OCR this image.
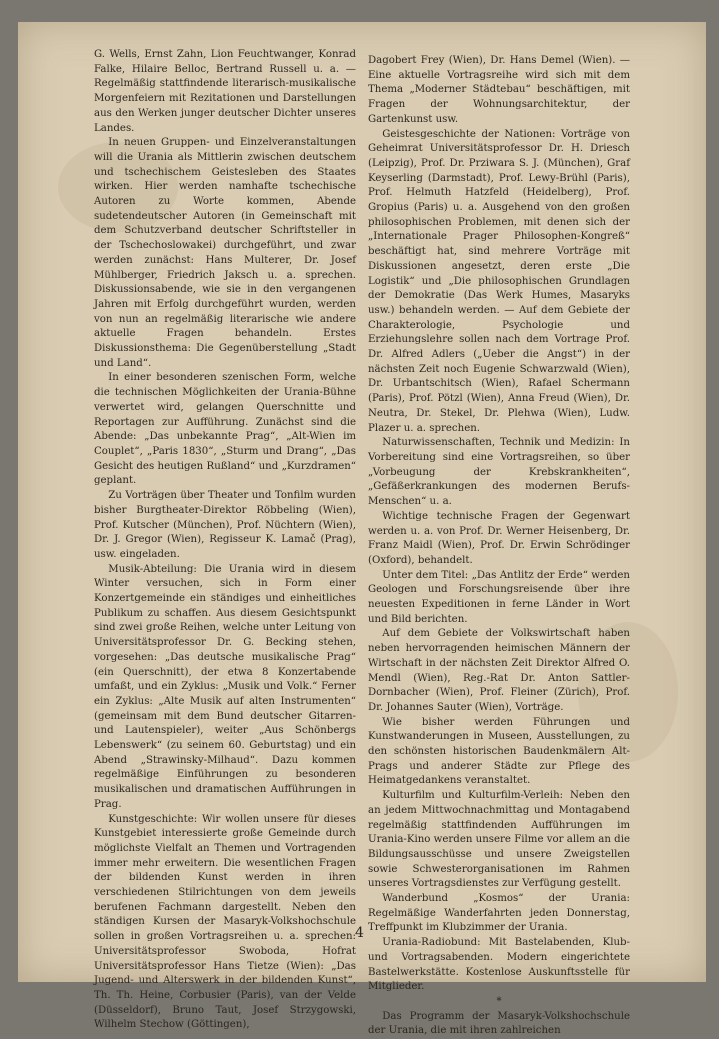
G. Wells, Ernst Zahn, Lion Feuchtwanger, Konrad Falke, Hilaire Belloc, Bertrand Russell u. a. — Regelmäßig stattfindende literarisch-musikalische Morgenfeiern mit Rezitationen und Darstellungen aus den Werken junger deutscher Dichter unseres Landes.

In neuen Gruppen- und Einzelveranstaltungen will die Urania als Mittlerin zwischen deutschem und tschechischem Geistesleben des Staates wirken. Hier werden namhafte tschechische Autoren zu Worte kommen, Abende sudetendeutscher Autoren (in Gemeinschaft mit dem Schutzverband deutscher Schriftsteller in der Tschechoslowakei) durchgeführt, und zwar werden zunächst: Hans Multerer, Dr. Josef Mühlberger, Friedrich Jaksch u. a. sprechen. Diskussionsabende, wie sie in den vergangenen Jahren mit Erfolg durchgeführt wurden, werden von nun an regelmäßig literarische wie andere aktuelle Fragen behandeln. Erstes Diskussionsthema: Die Gegenüberstellung „Stadt und Land“.

In einer besonderen szenischen Form, welche die technischen Möglichkeiten der Urania-Bühne verwertet wird, gelangen Querschnitte und Reportagen zur Aufführung. Zunächst sind die Abende: „Das unbekannte Prag“, „Alt-Wien im Couplet“, „Paris 1830“, „Sturm und Drang“, „Das Gesicht des heutigen Rußland“ und „Kurzdramen“ geplant.

Zu Vorträgen über Theater und Tonfilm wurden bisher Burgtheater-Direktor Röbbeling (Wien), Prof. Kutscher (München), Prof. Nüchtern (Wien), Dr. J. Gregor (Wien), Regisseur K. Lamač (Prag), usw. eingeladen.

Musik-Abteilung: Die Urania wird in diesem Winter versuchen, sich in Form einer Konzertgemeinde ein ständiges und einheitliches Publikum zu schaffen. Aus diesem Gesichtspunkt sind zwei große Reihen, welche unter Leitung von Universitätsprofessor Dr. G. Becking stehen, vorgesehen: „Das deutsche musikalische Prag“ (ein Querschnitt), der etwa 8 Konzertabende umfaßt, und ein Zyklus: „Musik und Volk.“ Ferner ein Zyklus: „Alte Musik auf alten Instrumenten“ (gemeinsam mit dem Bund deutscher Gitarren- und Lautenspieler), weiter „Aus Schönbergs Lebenswerk“ (zu seinem 60. Geburtstag) und ein Abend „Strawinsky-Milhaud“. Dazu kommen regelmäßige Einführungen zu besonderen musikalischen und dramatischen Aufführungen in Prag.

Kunstgeschichte: Wir wollen unsere für dieses Kunstgebiet interessierte große Gemeinde durch möglichste Vielfalt an Themen und Vortragenden immer mehr erweitern. Die wesentlichen Fragen der bildenden Kunst werden in ihren verschiedenen Stilrichtungen von dem jeweils berufenen Fachmann dargestellt. Neben den ständigen Kursen der Masaryk-Volkshochschule sollen in großen Vortragsreihen u. a. sprechen: Universitätsprofessor Swoboda, Hofrat Universitätsprofessor Hans Tietze (Wien): „Das Jugend- und Alterswerk in der bildenden Kunst“, Th. Th. Heine, Corbusier (Paris), van der Velde (Düsseldorf), Bruno Taut, Josef Strzygowski, Wilhelm Stechow (Göttingen),

Dagobert Frey (Wien), Dr. Hans Demel (Wien). — Eine aktuelle Vortragsreihe wird sich mit dem Thema „Moderner Städtebau“ beschäftigen, mit Fragen der Wohnungsarchitektur, der Gartenkunst usw.

Geistesgeschichte der Nationen: Vorträge von Geheimrat Universitätsprofessor Dr. H. Driesch (Leipzig), Prof. Dr. Prziwara S. J. (München), Graf Keyserling (Darmstadt), Prof. Lewy-Brühl (Paris), Prof. Helmuth Hatzfeld (Heidelberg), Prof. Gropius (Paris) u. a. Ausgehend von den großen philosophischen Problemen, mit denen sich der „Internationale Prager Philosophen-Kongreß“ beschäftigt hat, sind mehrere Vorträge mit Diskussionen angesetzt, deren erste „Die Logistik“ und „Die philosophischen Grundlagen der Demokratie (Das Werk Humes, Masaryks usw.) behandeln werden. — Auf dem Gebiete der Charakterologie, Psychologie und Erziehungslehre sollen nach dem Vortrage Prof. Dr. Alfred Adlers („Ueber die Angst“) in der nächsten Zeit noch Eugenie Schwarzwald (Wien), Dr. Urbantschitsch (Wien), Rafael Schermann (Paris), Prof. Pötzl (Wien), Anna Freud (Wien), Dr. Neutra, Dr. Stekel, Dr. Plehwa (Wien), Ludw. Plazer u. a. sprechen.

Naturwissenschaften, Technik und Medizin: In Vorbereitung sind eine Vortragsreihen, so über „Vorbeugung der Krebskrankheiten“, „Gefäßerkrankungen des modernen Berufs-Menschen“ u. a.

Wichtige technische Fragen der Gegenwart werden u. a. von Prof. Dr. Werner Heisenberg, Dr. Franz Maidl (Wien), Prof. Dr. Erwin Schrödinger (Oxford), behandelt.

Unter dem Titel: „Das Antlitz der Erde“ werden Geologen und Forschungsreisende über ihre neuesten Expeditionen in ferne Länder in Wort und Bild berichten.

Auf dem Gebiete der Volkswirtschaft haben neben hervorragenden heimischen Männern der Wirtschaft in der nächsten Zeit Direktor Alfred O. Mendl (Wien), Reg.-Rat Dr. Anton Sattler-Dornbacher (Wien), Prof. Fleiner (Zürich), Prof. Dr. Johannes Sauter (Wien), Vorträge.

Wie bisher werden Führungen und Kunstwanderungen in Museen, Ausstellungen, zu den schönsten historischen Baudenkmälern Alt-Prags und anderer Städte zur Pflege des Heimatgedankens veranstaltet.

Kulturfilm und Kulturfilm-Verleih: Neben den an jedem Mittwochnachmittag und Montagabend regelmäßig stattfindenden Aufführungen im Urania-Kino werden unsere Filme vor allem an die Bildungsausschüsse und unsere Zweigstellen sowie Schwesterorganisationen im Rahmen unseres Vortragsdienstes zur Verfügung gestellt.

Wanderbund „Kosmos“ der Urania: Regelmäßige Wanderfahrten jeden Donnerstag, Treffpunkt im Klubzimmer der Urania.

Urania-Radiobund: Mit Bastelabenden, Klub- und Vortragsabenden. Modern eingerichtete Bastelwerkstätte. Kostenlose Auskunftsstelle für Mitglieder.

*

Das Programm der Masaryk-Volkshochschule der Urania, die mit ihren zahlreichen

4
